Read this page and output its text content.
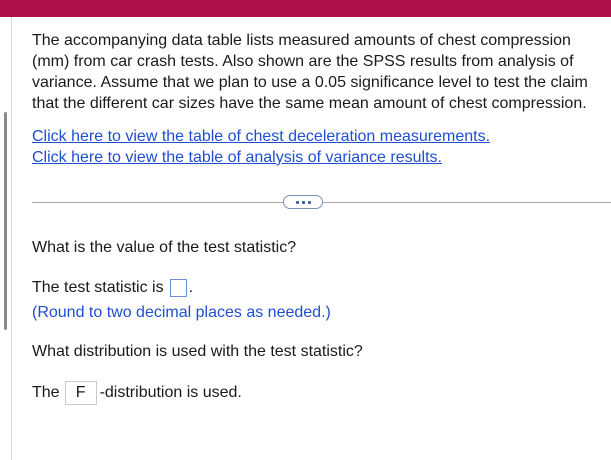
The accompanying data table lists measured amounts of chest compression
(mm) from car crash tests. Also shown are the SPSS results from analysis of
variance. Assume that we plan to use a 0.05 significance level to test the claim
that the different car sizes have the same mean amount of chest compression.
Click here to view the table of chest deceleration measurements.
Click here to view the table of analysis of variance results.
What is the value of the test statistic?
The test statistic is .
(Round to two decimal places as needed.)
What distribution is used with the test statistic?
The	F -distribution is used.
